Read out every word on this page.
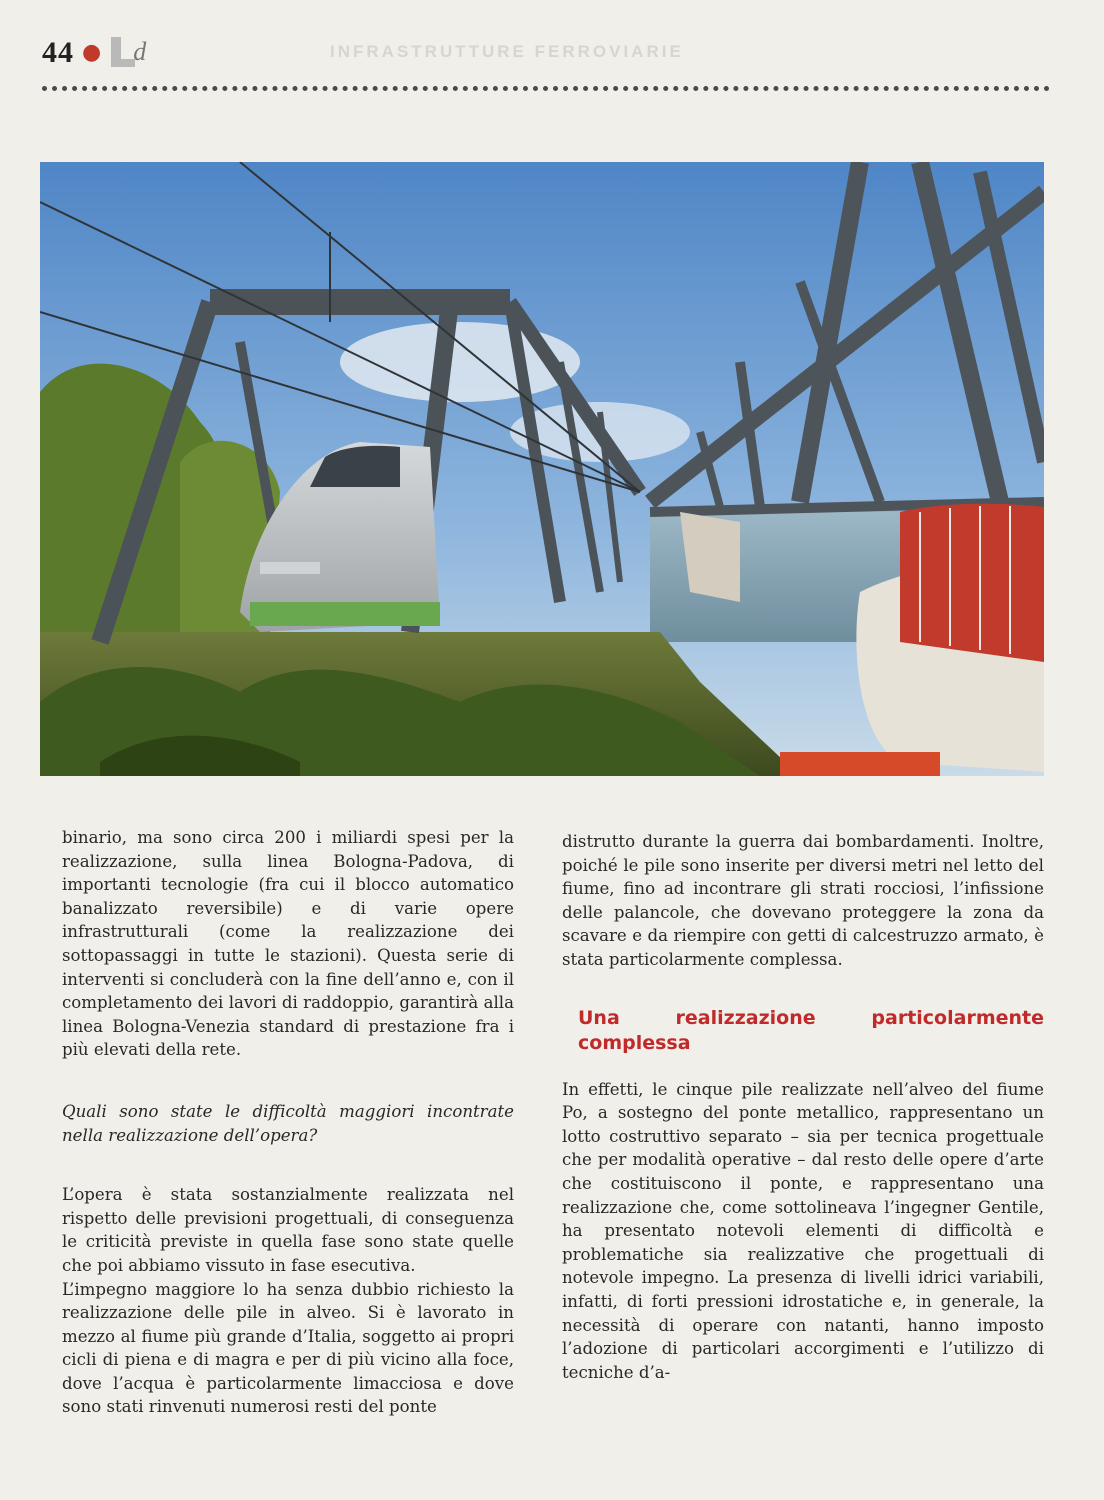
44 ● d	INFRASTRUTTURE FERROVIARIE

binario, ma sono circa 200 i miliardi spesi per la realizzazione, sulla linea Bologna-Padova, di importanti tecnologie (fra cui il blocco automatico banalizzato reversibile) e di varie opere infrastrutturali (come la realizzazione dei sottopassaggi in tutte le stazioni). Questa serie di interventi si concluderà con la fine dell’anno e, con il completamento dei lavori di raddoppio, garantirà alla linea Bologna-Venezia standard di prestazione fra i più elevati della rete.

Quali sono state le difficoltà maggiori incontrate nella realizzazione dell’opera?

L’opera è stata sostanzialmente realizzata nel rispetto delle previsioni progettuali, di conseguenza le criticità previste in quella fase sono state quelle che poi abbiamo vissuto in fase esecutiva.

L’impegno maggiore lo ha senza dubbio richiesto la realizzazione delle pile in alveo. Si è lavorato in mezzo al fiume più grande d’Italia, soggetto ai propri cicli di piena e di magra e per di più vicino alla foce, dove l’acqua è particolarmente limacciosa e dove sono stati rinvenuti numerosi resti del ponte

distrutto durante la guerra dai bombardamenti. Inoltre, poiché le pile sono inserite per diversi metri nel letto del fiume, fino ad incontrare gli strati rocciosi, l’infissione delle palancole, che dovevano proteggere la zona da scavare e da riempire con getti di calcestruzzo armato, è stata particolarmente complessa.

Una realizzazione particolarmente complessa

In effetti, le cinque pile realizzate nell’alveo del fiume Po, a sostegno del ponte metallico, rappresentano un lotto costruttivo separato – sia per tecnica progettuale che per modalità operative – dal resto delle opere d’arte che costituiscono il ponte, e rappresentano una realizzazione che, come sottolineava l’ingegner Gentile, ha presentato notevoli elementi di difficoltà e problematiche sia realizzative che progettuali di notevole impegno. La presenza di livelli idrici variabili, infatti, di forti pressioni idrostatiche e, in generale, la necessità di operare con natanti, hanno imposto l’adozione di particolari accorgimenti e l’utilizzo di tecniche d’a-
